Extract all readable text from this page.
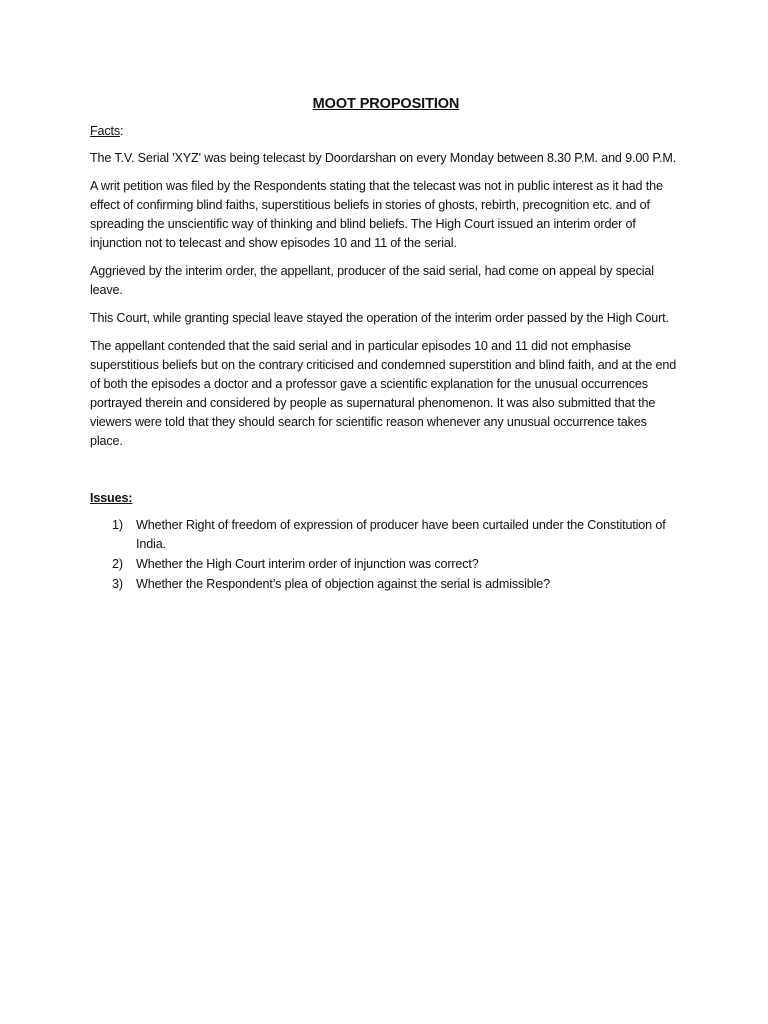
MOOT PROPOSITION
Facts:

The T.V. Serial 'XYZ' was being telecast by Doordarshan on every Monday between 8.30 P.M. and 9.00 P.M.

A writ petition was filed by the Respondents stating that the telecast was not in public interest as it had the effect of confirming blind faiths, superstitious beliefs in stories of ghosts, rebirth, precognition etc. and of spreading the unscientific way of thinking and blind beliefs. The High Court issued an interim order of injunction not to telecast and show episodes 10 and 11 of the serial.

Aggrieved by the interim order, the appellant, producer of the said serial, had come on appeal by special leave.

This Court, while granting special leave stayed the operation of the interim order passed by the High Court.

The appellant contended that the said serial and in particular episodes 10 and 11 did not emphasise superstitious beliefs but on the contrary criticised and condemned superstition and blind faith, and at the end of both the episodes a doctor and a professor gave a scientific explanation for the unusual occurrences portrayed therein and considered by people as supernatural phenomenon. It was also submitted that the viewers were told that they should search for scientific reason whenever any unusual occurrence takes place.

Issues:
1) Whether Right of freedom of expression of producer have been curtailed under the Constitution of India.
2) Whether the High Court interim order of injunction was correct?
3) Whether the Respondent’s plea of objection against the serial is admissible?
